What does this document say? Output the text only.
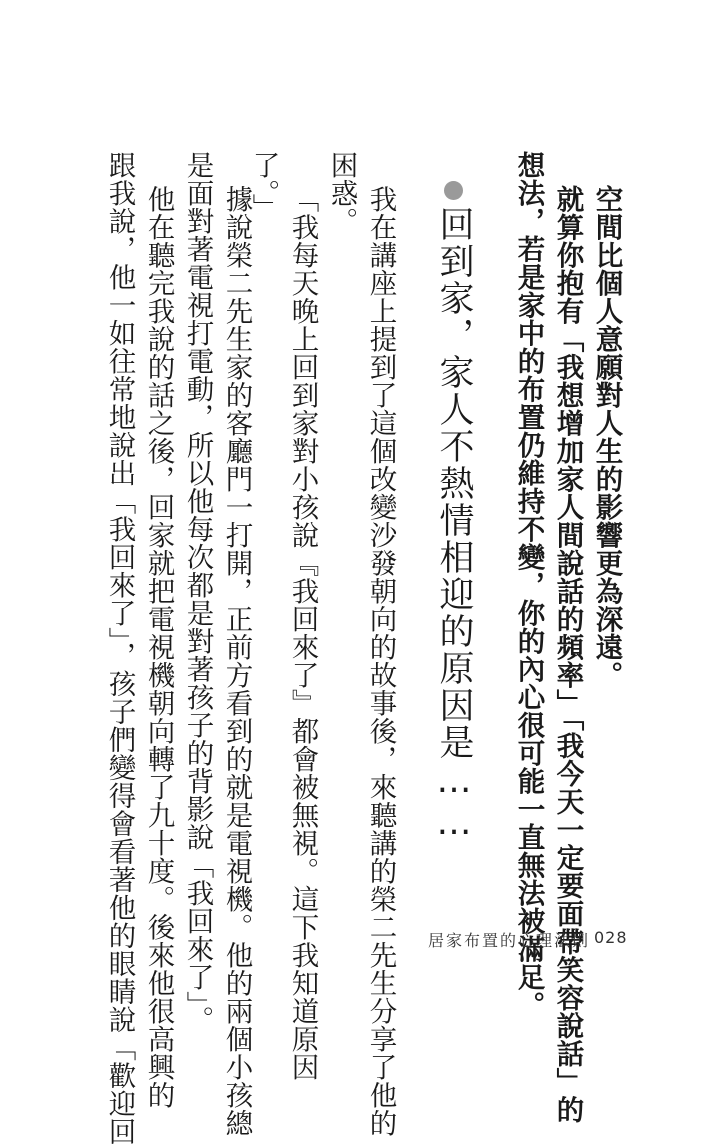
空間比個人意願對人生的影響更為深遠。
就算你抱有「我想增加家人間說話的頻率」「我今天一定要面帶笑容說話」的
想法，若是家中的布置仍維持不變，你的內心很可能一直無法被滿足。
回到家，家人不熱情相迎的原因是……
我在講座上提到了這個改變沙發朝向的故事後，來聽講的榮二先生分享了他的
困惑。
「我每天晚上回到家對小孩說『我回來了』都會被無視。這下我知道原因
了。」
據說榮二先生家的客廳門一打開，正前方看到的就是電視機。他的兩個小孩總
是面對著電視打電動，所以他每次都是對著孩子的背影說「我回來了」。
他在聽完我說的話之後，回家就把電視機朝向轉了九十度。後來他很高興的
跟我說，他一如往常地說出「我回來了」，孩子們變得會看著他的眼睛說「歡迎回	居家布置的心理法則 028
